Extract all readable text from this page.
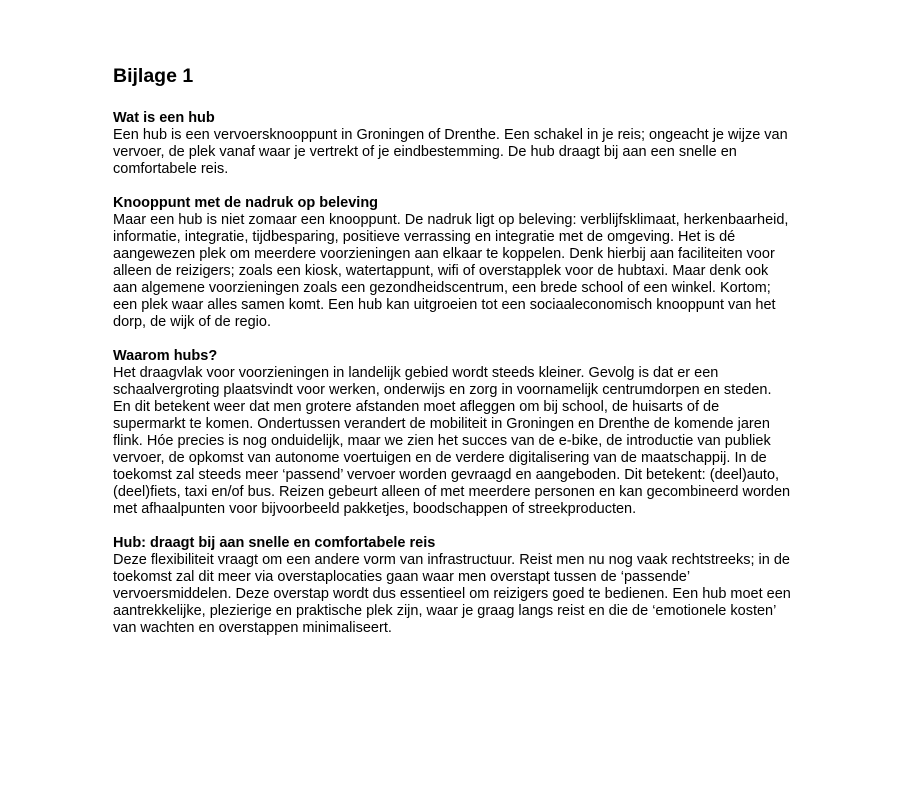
Bijlage 1

Wat is een hub

Een hub is een vervoersknooppunt in Groningen of Drenthe. Een schakel in je reis; ongeacht je wijze van vervoer, de plek vanaf waar je vertrekt of je eindbestemming. De hub draagt bij aan een snelle en comfortabele reis.

Knooppunt met de nadruk op beleving

Maar een hub is niet zomaar een knooppunt. De nadruk ligt op beleving: verblijfsklimaat, herkenbaarheid, informatie, integratie, tijdbesparing, positieve verrassing en integratie met de omgeving. Het is dé aangewezen plek om meerdere voorzieningen aan elkaar te koppelen. Denk hierbij aan faciliteiten voor alleen de reizigers; zoals een kiosk, watertappunt, wifi of overstapplek voor de hubtaxi. Maar denk ook aan algemene voorzieningen zoals een gezondheidscentrum, een brede school of een winkel. Kortom; een plek waar alles samen komt. Een hub kan uitgroeien tot een sociaaleconomisch knooppunt van het dorp, de wijk of de regio.

Waarom hubs?

Het draagvlak voor voorzieningen in landelijk gebied wordt steeds kleiner. Gevolg is dat er een schaalvergroting plaatsvindt voor werken, onderwijs en zorg in voornamelijk centrumdorpen en steden. En dit betekent weer dat men grotere afstanden moet afleggen om bij school, de huisarts of de supermarkt te komen. Ondertussen verandert de mobiliteit in Groningen en Drenthe de komende jaren flink. Hóe precies is nog onduidelijk, maar we zien het succes van de e-bike, de introductie van publiek vervoer, de opkomst van autonome voertuigen en de verdere digitalisering van de maatschappij. In de toekomst zal steeds meer ‘passend’ vervoer worden gevraagd en aangeboden. Dit betekent: (deel)auto, (deel)fiets, taxi en/of bus. Reizen gebeurt alleen of met meerdere personen en kan gecombineerd worden met afhaalpunten voor bijvoorbeeld pakketjes, boodschappen of streekproducten.

Hub: draagt bij aan snelle en comfortabele reis

Deze flexibiliteit vraagt om een andere vorm van infrastructuur. Reist men nu nog vaak rechtstreeks; in de toekomst zal dit meer via overstaplocaties gaan waar men overstapt tussen de ‘passende’ vervoersmiddelen. Deze overstap wordt dus essentieel om reizigers goed te bedienen. Een hub moet een aantrekkelijke, plezierige en praktische plek zijn, waar je graag langs reist en die de ‘emotionele kosten’ van wachten en overstappen minimaliseert.
